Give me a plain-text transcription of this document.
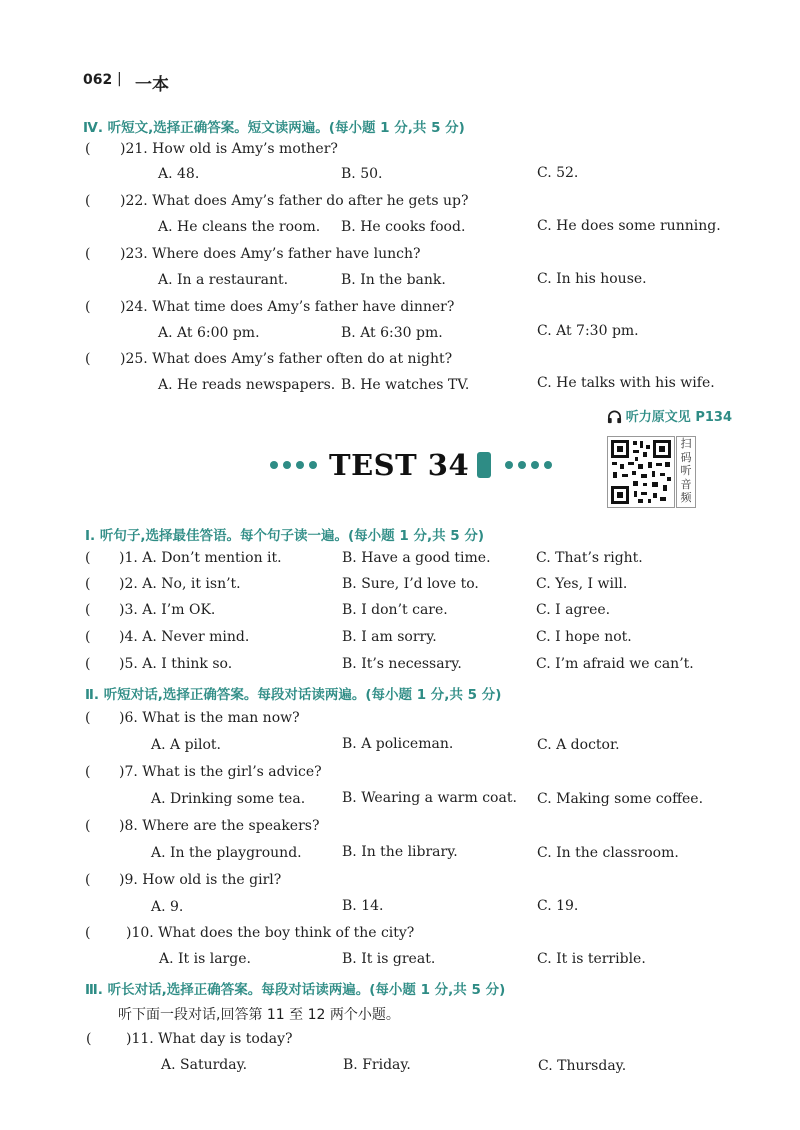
062 | 一本
Ⅳ. 听短文,选择正确答案。短文读两遍。(每小题 1 分,共 5 分)
( )21. How old is Amy’s mother?
A. 48.	B. 50.	C. 52.
( )22. What does Amy’s father do after he gets up?
A. He cleans the room. B. He cooks food.	C. He does some running.
( )23. Where does Amy’s father have lunch?
A. In a restaurant.	B. In the bank.	C. In his house.
( )24. What time does Amy’s father have dinner?
A. At 6:00 pm.	B. At 6:30 pm.	C. At 7:30 pm.
( )25. What does Amy’s father often do at night?
A. He reads newspapers. B. He watches TV.	C. He talks with his wife.
听力原文见 P134
TEST 34
扫码听音频
Ⅰ. 听句子,选择最佳答语。每个句子读一遍。(每小题 1 分,共 5 分)
( )1. A. Don’t mention it.	B. Have a good time.	C. That’s right.
( )2. A. No, it isn’t.	B. Sure, I’d love to.	C. Yes, I will.
( )3. A. I’m OK.	B. I don’t care.	C. I agree.
( )4. A. Never mind.	B. I am sorry.	C. I hope not.
( )5. A. I think so.	B. It’s necessary.	C. I’m afraid we can’t.
Ⅱ. 听短对话,选择正确答案。每段对话读两遍。(每小题 1 分,共 5 分)
( )6. What is the man now?
A. A pilot.	B. A policeman.	C. A doctor.
( )7. What is the girl’s advice?
A. Drinking some tea.	B. Wearing a warm coat. C. Making some coffee.
( )8. Where are the speakers?
A. In the playground.	B. In the library.	C. In the classroom.
( )9. How old is the girl?
A. 9.	B. 14.	C. 19.
(	)10. What does the boy think of the city?
A. It is large.	B. It is great.	C. It is terrible.
Ⅲ. 听长对话,选择正确答案。每段对话读两遍。(每小题 1 分,共 5 分)
听下面一段对话,回答第 11 至 12 两个小题。
( )11. What day is today?
A. Saturday.	B. Friday.	C. Thursday.
